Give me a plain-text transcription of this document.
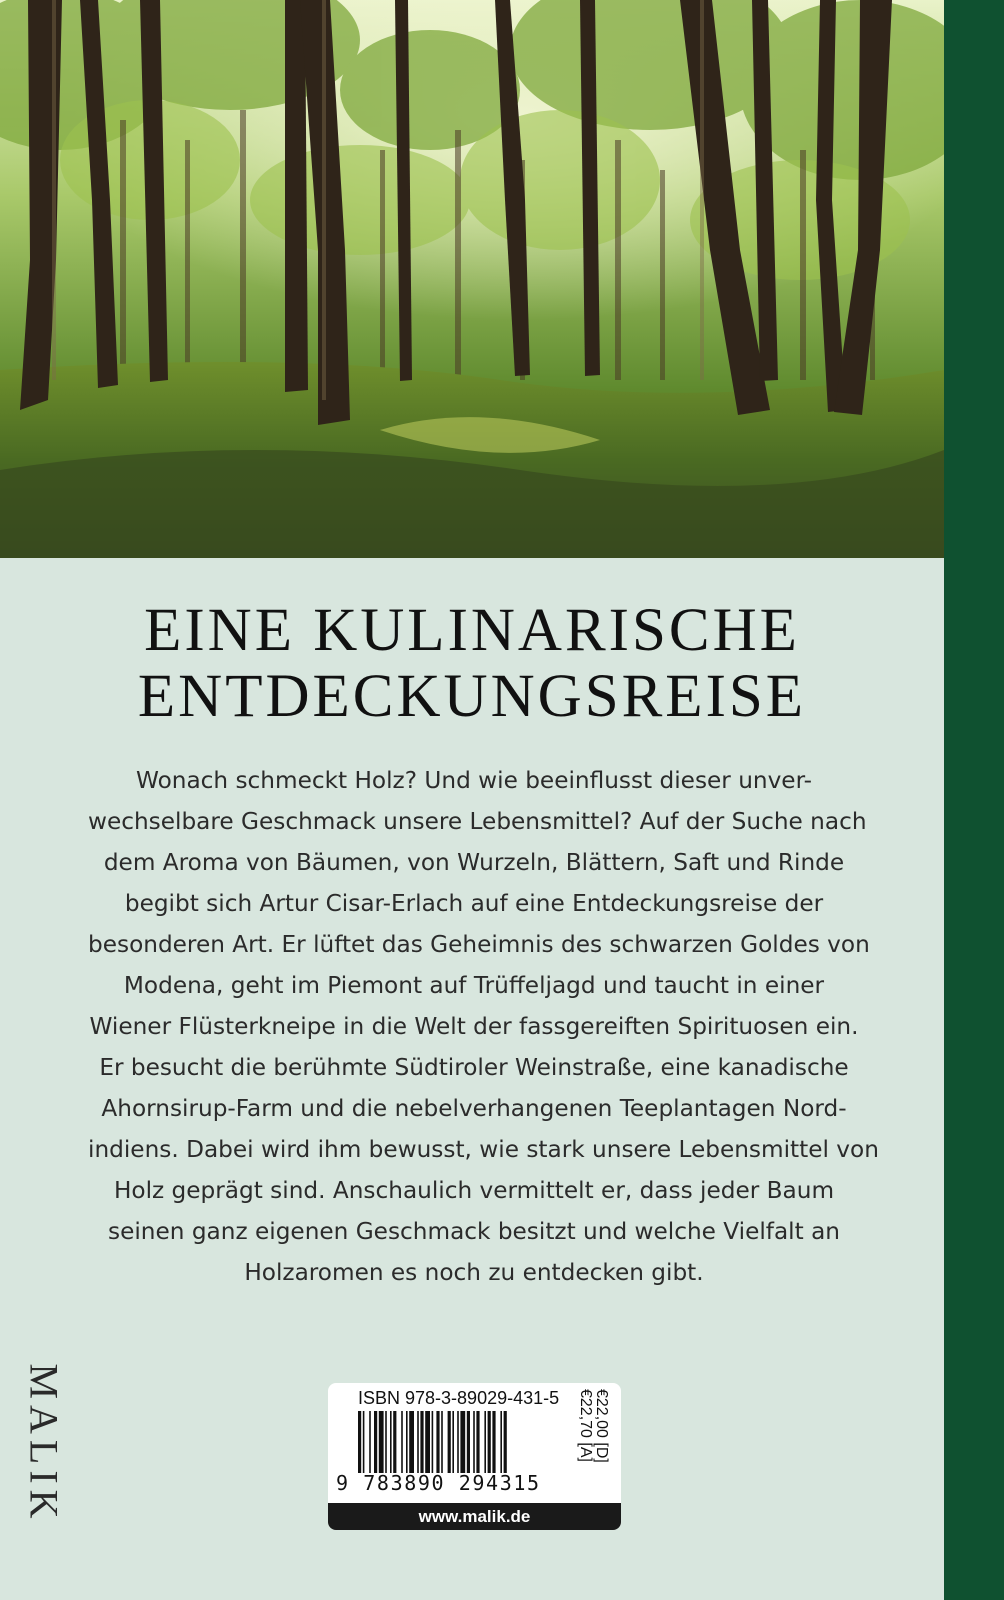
EINE KULINARISCHE
ENTDECKUNGSREISE
Wonach schmeckt Holz? Und wie beeinflusst dieser unver-
wechselbare Geschmack unsere Lebensmittel? Auf der Suche nach
dem Aroma von Bäumen, von Wurzeln, Blättern, Saft und Rinde
begibt sich Artur Cisar-Erlach auf eine Entdeckungsreise der
besonderen Art. Er lüftet das Geheimnis des schwarzen Goldes von
Modena, geht im Piemont auf Trüffeljagd und taucht in einer
Wiener Flüsterkneipe in die Welt der fassgereiften Spirituosen ein.
Er besucht die berühmte Südtiroler Weinstraße, eine kanadische
Ahornsirup-Farm und die nebelverhangenen Teeplantagen Nord-
indiens. Dabei wird ihm bewusst, wie stark unsere Lebensmittel von
Holz geprägt sind. Anschaulich vermittelt er, dass jeder Baum
seinen ganz eigenen Geschmack besitzt und welche Vielfalt an
Holzaromen es noch zu entdecken gibt.
MALIK	ISBN 978-3-89029-431-5
9 783890 294315
€22,00 [D]
€22,70 [A]
www.malik.de
